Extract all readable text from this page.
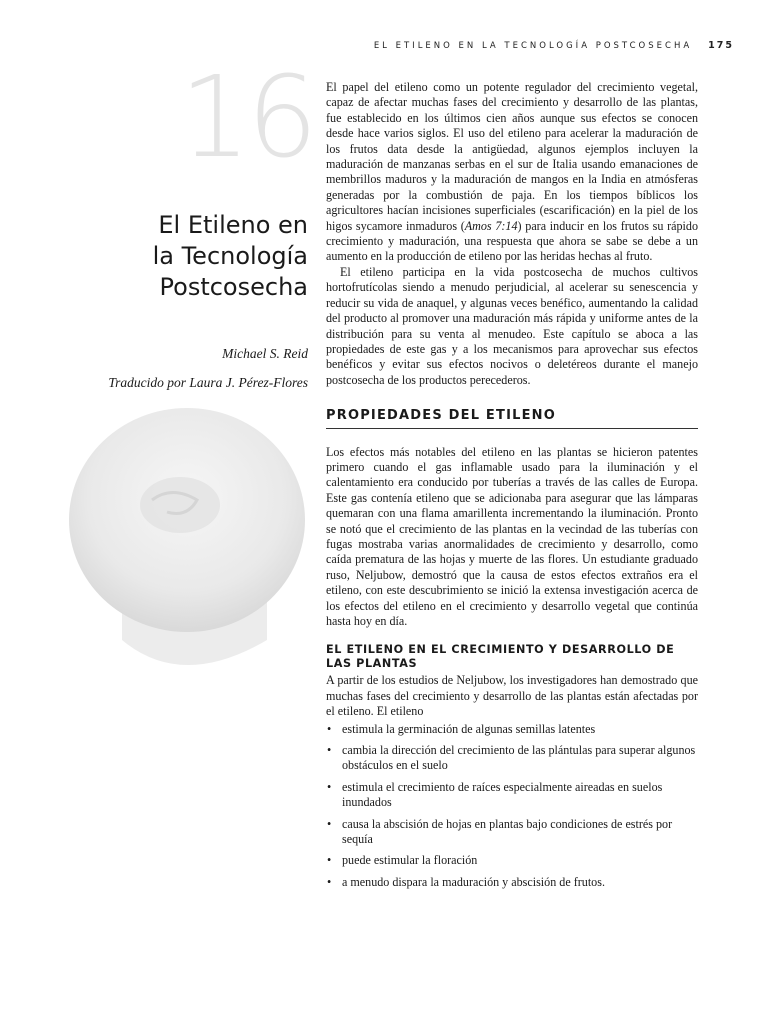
EL ETILENO EN LA TECNOLOGÍA POSTCOSECHA 175
16
El Etileno en
la Tecnología
Postcosecha
Michael S. Reid
Traducido por Laura J. Pérez-Flores

El papel del etileno como un potente regulador del crecimiento vegetal, capaz de afectar muchas fases del crecimiento y desarrollo de las plantas, fue establecido en los últimos cien años aunque sus efectos se conocen desde hace varios siglos. El uso del etileno para acelerar la maduración de los frutos data desde la antigüedad, algunos ejemplos incluyen la maduración de manzanas serbas en el sur de Italia usando emanaciones de membrillos maduros y la maduración de mangos en la India en atmósferas generadas por la combustión de paja. En los tiempos bíblicos los agricultores hacían incisiones superficiales (escarificación) en la piel de los higos sycamore inmaduros (Amos 7:14) para inducir en los frutos su rápido crecimiento y maduración, una respuesta que ahora se sabe se debe a un aumento en la producción de etileno por las heridas hechas al fruto.

El etileno participa en la vida postcosecha de muchos cultivos hortofrutícolas siendo a menudo perjudicial, al acelerar su senescencia y reducir su vida de anaquel, y algunas veces benéfico, aumentando la calidad del producto al promover una maduración más rápida y uniforme antes de la distribución para su venta al menudeo. Este capítulo se aboca a las propiedades de este gas y a los mecanismos para aprovechar sus efectos benéficos y evitar sus efectos nocivos o deletéreos durante el manejo postcosecha de los productos perecederos.

PROPIEDADES DEL ETILENO

Los efectos más notables del etileno en las plantas se hicieron patentes primero cuando el gas inflamable usado para la iluminación y el calentamiento era conducido por tuberías a través de las calles de Europa. Este gas contenía etileno que se adicionaba para asegurar que las lámparas quemaran con una flama amarillenta incrementando la iluminación. Pronto se notó que el crecimiento de las plantas en la vecindad de las tuberías con fugas mostraba varias anormalidades de crecimiento y desarrollo, como caída prematura de las hojas y muerte de las flores. Un estudiante graduado ruso, Neljubow, demostró que la causa de estos efectos extraños era el etileno, con este descubrimiento se inició la extensa investigación acerca de los efectos del etileno en el crecimiento y desarrollo vegetal que continúa hasta hoy en día.

EL ETILENO EN EL CRECIMIENTO Y DESARROLLO DE LAS PLANTAS

A partir de los estudios de Neljubow, los investigadores han demostrado que muchas fases del crecimiento y desarrollo de las plantas están afectadas por el etileno. El etileno

• estimula la germinación de algunas semillas latentes
• cambia la dirección del crecimiento de las plántulas para superar algunos obstáculos en el suelo
• estimula el crecimiento de raíces especialmente aireadas en suelos inundados
• causa la abscisión de hojas en plantas bajo condiciones de estrés por sequía
• puede estimular la floración
• a menudo dispara la maduración y abscisión de frutos.
